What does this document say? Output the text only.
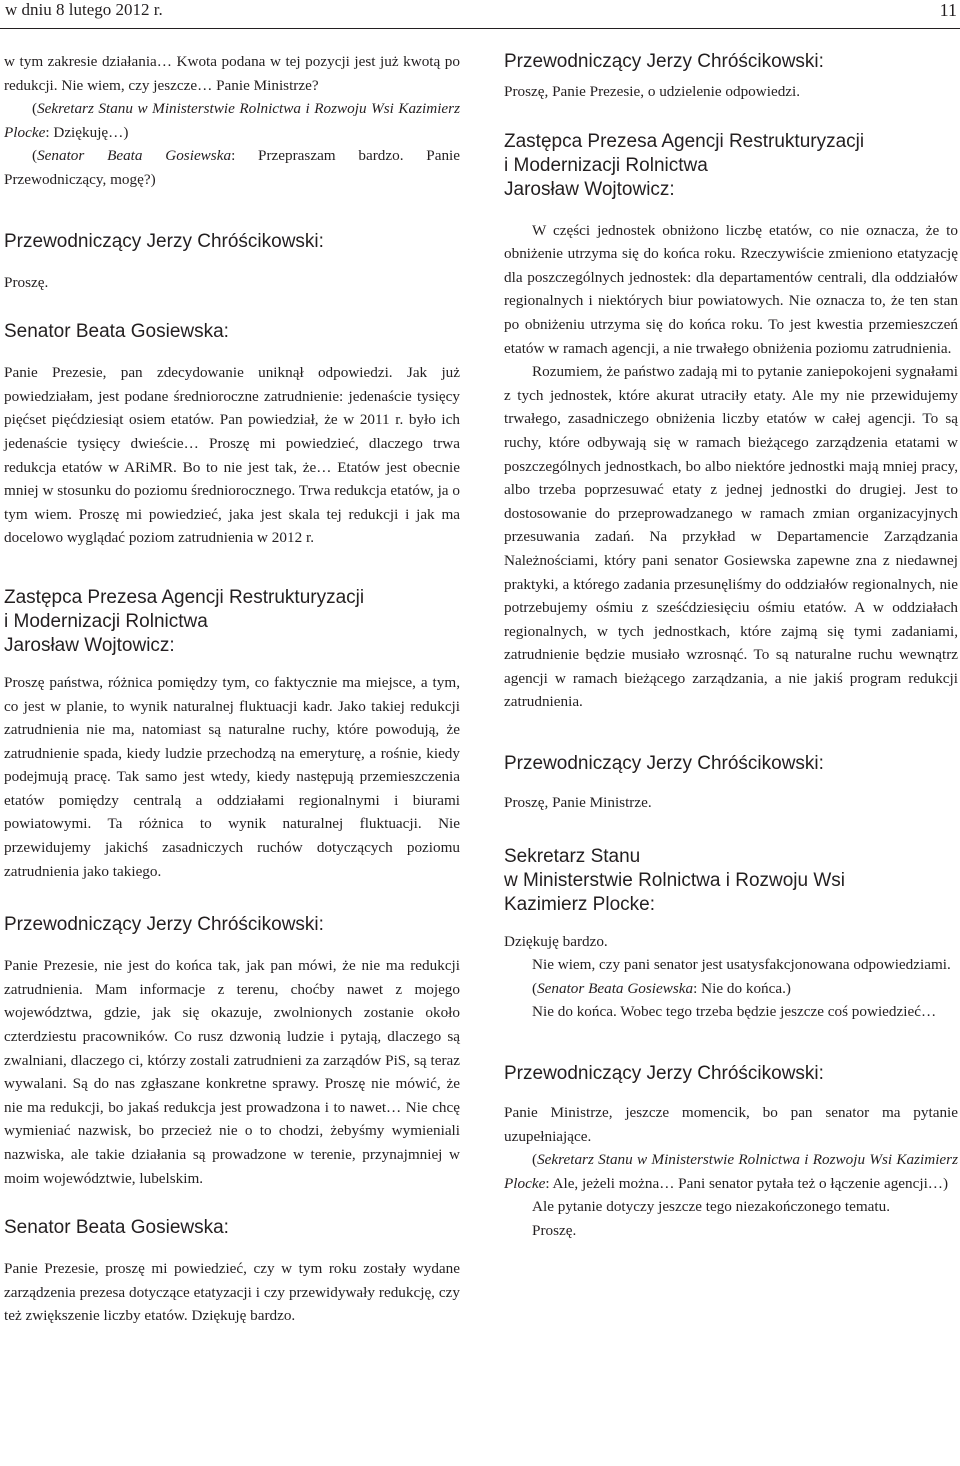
w dniu 8 lutego 2012 r.	11

w tym zakresie działania… Kwota podana w tej pozycji jest już kwotą po redukcji. Nie wiem, czy jeszcze… Panie Ministrze?

(Sekretarz Stanu w Ministerstwie Rolnictwa i Rozwoju Wsi Kazimierz Plocke: Dziękuję…)

(Senator Beata Gosiewska: Przepraszam bardzo. Panie Przewodniczący, mogę?)

Przewodniczący Jerzy Chróścikowski:

Proszę.

Senator Beata Gosiewska:

Panie Prezesie, pan zdecydowanie uniknął odpowiedzi. Jak już powiedziałam, jest podane średnioroczne zatrudnienie: jedenaście tysięcy pięćset pięćdziesiąt osiem etatów. Pan powiedział, że w 2011 r. było ich jedenaście tysięcy dwieście… Proszę mi powiedzieć, dlaczego trwa redukcja etatów w ARiMR. Bo to nie jest tak, że… Etatów jest obecnie mniej w stosunku do poziomu średniorocznego. Trwa redukcja etatów, ja o tym wiem. Proszę mi powiedzieć, jaka jest skala tej redukcji i jak ma docelowo wyglądać poziom zatrudnienia w 2012 r.

Zastępca Prezesa Agencji Restrukturyzacji
i Modernizacji Rolnictwa
Jarosław Wojtowicz:

Proszę państwa, różnica pomiędzy tym, co faktycznie ma miejsce, a tym, co jest w planie, to wynik naturalnej fluktuacji kadr. Jako takiej redukcji zatrudnienia nie ma, natomiast są naturalne ruchy, które powodują, że zatrudnienie spada, kiedy ludzie przechodzą na emeryturę, a rośnie, kiedy podejmują pracę. Tak samo jest wtedy, kiedy następują przemieszczenia etatów pomiędzy centralą a oddziałami regionalnymi i biurami powiatowymi. Ta różnica to wynik naturalnej fluktuacji. Nie przewidujemy jakichś zasadniczych ruchów dotyczących poziomu zatrudnienia jako takiego.

Przewodniczący Jerzy Chróścikowski:

Panie Prezesie, nie jest do końca tak, jak pan mówi, że nie ma redukcji zatrudnienia. Mam informacje z terenu, choćby nawet z mojego województwa, gdzie, jak się okazuje, zwolnionych zostanie około czterdziestu pracowników. Co rusz dzwonią ludzie i pytają, dlaczego są zwalniani, dlaczego ci, którzy zostali zatrudnieni za zarządów PiS, są teraz wywalani. Są do nas zgłaszane konkretne sprawy. Proszę nie mówić, że nie ma redukcji, bo jakaś redukcja jest prowadzona i to nawet… Nie chcę wymieniać nazwisk, bo przecież nie o to chodzi, żebyśmy wymieniali nazwiska, ale takie działania są prowadzone w terenie, przynajmniej w moim województwie, lubelskim.

Senator Beata Gosiewska:

Panie Prezesie, proszę mi powiedzieć, czy w tym roku zostały wydane zarządzenia prezesa dotyczące etatyzacji i czy przewidywały redukcję, czy też zwiększenie liczby etatów. Dziękuję bardzo.

Przewodniczący Jerzy Chróścikowski:

Proszę, Panie Prezesie, o udzielenie odpowiedzi.

Zastępca Prezesa Agencji Restrukturyzacji
i Modernizacji Rolnictwa
Jarosław Wojtowicz:

W części jednostek obniżono liczbę etatów, co nie oznacza, że to obniżenie utrzyma się do końca roku. Rzeczywiście zmieniono etatyzację dla poszczególnych jednostek: dla departamentów centrali, dla oddziałów regionalnych i niektórych biur powiatowych. Nie oznacza to, że ten stan po obniżeniu utrzyma się do końca roku. To jest kwestia przemieszczeń etatów w ramach agencji, a nie trwałego obniżenia poziomu zatrudnienia.

Rozumiem, że państwo zadają mi to pytanie zaniepokojeni sygnałami z tych jednostek, które akurat utraciły etaty. Ale my nie przewidujemy trwałego, zasadniczego obniżenia liczby etatów w całej agencji. To są ruchy, które odbywają się w ramach bieżącego zarządzenia etatami w poszczególnych jednostkach, bo albo niektóre jednostki mają mniej pracy, albo trzeba poprzesuwać etaty z jednej jednostki do drugiej. Jest to dostosowanie do przeprowadzanego w ramach zmian organizacyjnych przesuwania zadań. Na przykład w Departamencie Zarządzania Należnościami, który pani senator Gosiewska zapewne zna z niedawnej praktyki, a którego zadania przesunęliśmy do oddziałów regionalnych, nie potrzebujemy ośmiu z sześćdziesięciu ośmiu etatów. A w oddziałach regionalnych, w tych jednostkach, które zajmą się tymi zadaniami, zatrudnienie będzie musiało wzrosnąć. To są naturalne ruchu wewnątrz agencji w ramach bieżącego zarządzania, a nie jakiś program redukcji zatrudnienia.

Przewodniczący Jerzy Chróścikowski:

Proszę, Panie Ministrze.

Sekretarz Stanu
w Ministerstwie Rolnictwa i Rozwoju Wsi
Kazimierz Plocke:

Dziękuję bardzo.

Nie wiem, czy pani senator jest usatysfakcjonowana odpowiedziami.

(Senator Beata Gosiewska: Nie do końca.)

Nie do końca. Wobec tego trzeba będzie jeszcze coś powiedzieć…

Przewodniczący Jerzy Chróścikowski:

Panie Ministrze, jeszcze momencik, bo pan senator ma pytanie uzupełniające.

(Sekretarz Stanu w Ministerstwie Rolnictwa i Rozwoju Wsi Kazimierz Plocke: Ale, jeżeli można… Pani senator pytała też o łączenie agencji…)

Ale pytanie dotyczy jeszcze tego niezakończonego tematu.

Proszę.
